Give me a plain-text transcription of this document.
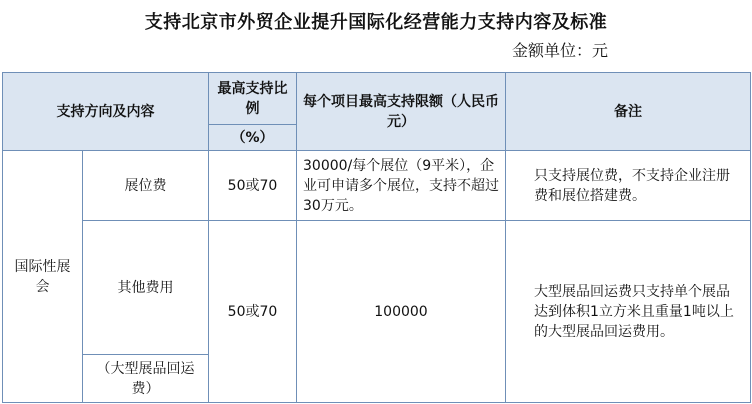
支持北京市外贸企业提升国际化经营能力支持内容及标准
金额单位：元
支持方向及内容		最高支持比例	每个项目最高支持限额（人民币元）	备注
		（%）		
国际性展会	展位费	50或70	30000/每个展位（9平米），企业可申请多个展位，支持不超过30万元。	只支持展位费，不支持企业注册费和展位搭建费。
	其他费用	50或70	100000	大型展品回运费只支持单个展品达到体积1立方米且重量1吨以上的大型展品回运费用。
	（大型展品回运费）			
